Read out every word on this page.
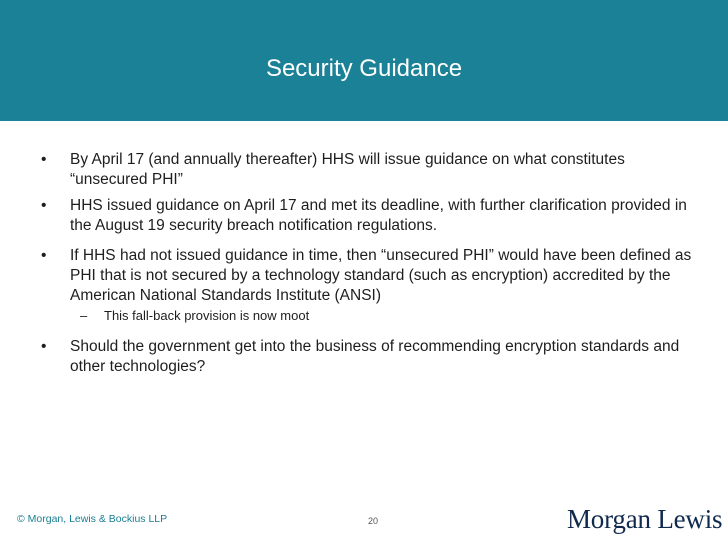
Security Guidance
• By April 17 (and annually thereafter) HHS will issue guidance on what constitutes “unsecured PHI”
• HHS issued guidance on April 17 and met its deadline, with further clarification provided in the August 19 security breach notification regulations.
• If HHS had not issued guidance in time, then “unsecured PHI” would have been defined as PHI that is not secured by a technology standard (such as encryption) accredited by the American National Standards Institute (ANSI)
– This fall-back provision is now moot
• Should the government get into the business of recommending encryption standards and other technologies?
© Morgan, Lewis & Bockius LLP	20	Morgan Lewis
